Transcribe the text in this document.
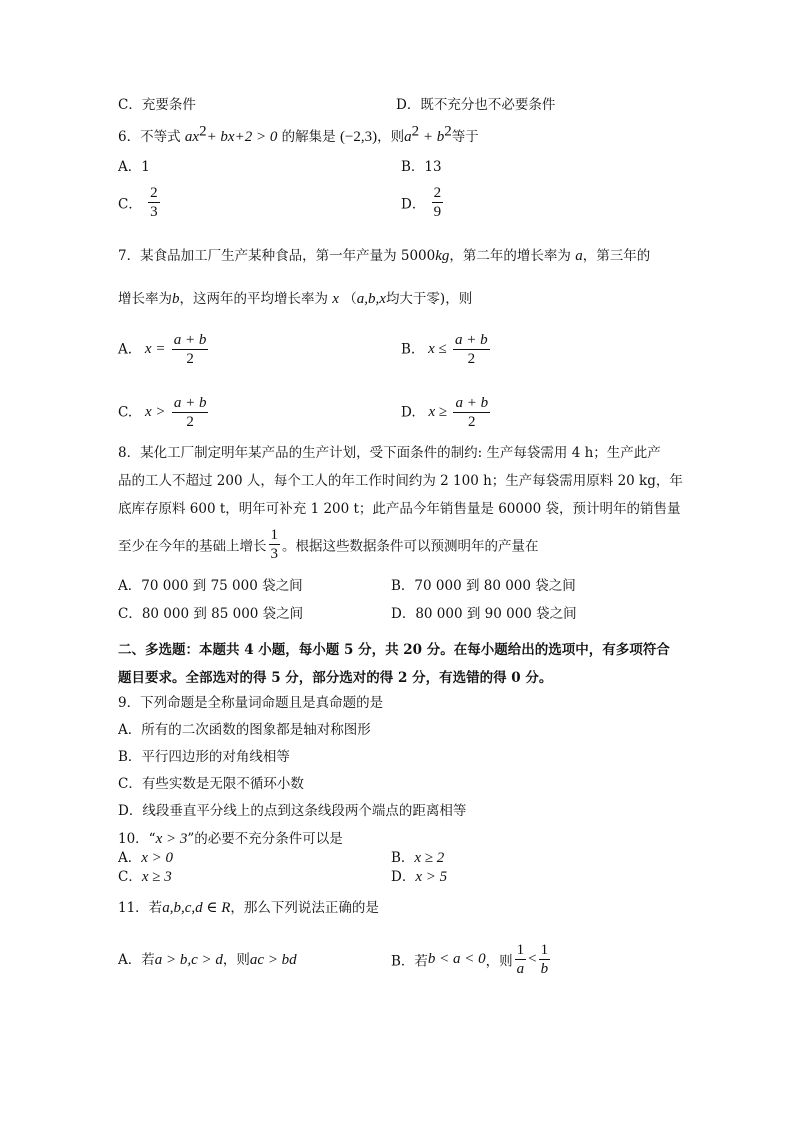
C．充要条件	D．既不充分也不必要条件
6．不等式 $ax^2+ bx+2 > 0$ 的解集是 (−2,3)，则$a^2 + b^2$等于
A．1	B．13
C． $\frac{2}{3}$	D． $\frac{2}{9}$
7．某食品加工厂生产某种食品，第一年产量为 5000kg，第二年的增长率为 a，第三年的
增长率为b，这两年的平均增长率为 x （a,b,x均大于零)，则
A. $x = \frac{a + b}{2}$	B. $x \le \frac{a + b}{2}$
C. $x > \frac{a + b}{2}$	D. $x \ge \frac{a + b}{2}$
8．某化工厂制定明年某产品的生产计划，受下面条件的制约: 生产每袋需用 4 h；生产此产
品的工人不超过 200 人，每个工人的年工作时间约为 2 100 h；生产每袋需用原料 20 kg，年
底库存原料 600 t，明年可补充 1 200 t；此产品今年销售量是 60000 袋，预计明年的销售量
至少在今年的基础上增长 $\frac{1}{3}$ 。根据这些数据条件可以预测明年的产量在
A．70 000 到 75 000 袋之间	B．70 000 到 80 000 袋之间
C．80 000 到 85 000 袋之间	D．80 000 到 90 000 袋之间
二、多选题：本题共 4 小题，每小题 5 分，共 20 分。在每小题给出的选项中，有多项符合
题目要求。全部选对的得 5 分，部分选对的得 2 分，有选错的得 0 分。
9．下列命题是全称量词命题且是真命题的是
A．所有的二次函数的图象都是轴对称图形
B．平行四边形的对角线相等
C．有些实数是无限不循环小数
D．线段垂直平分线上的点到这条线段两个端点的距离相等
10．“x > 3”的必要不充分条件可以是
A．x > 0	B．x ≥ 2
C．x ≥ 3	D．x > 5
11．若a,b,c,d ∈ R，那么下列说法正确的是
A．若a > b,c > d，则ac > bd	B．若b < a < 0，则 $\frac{1}{a} < \frac{1}{b}$
